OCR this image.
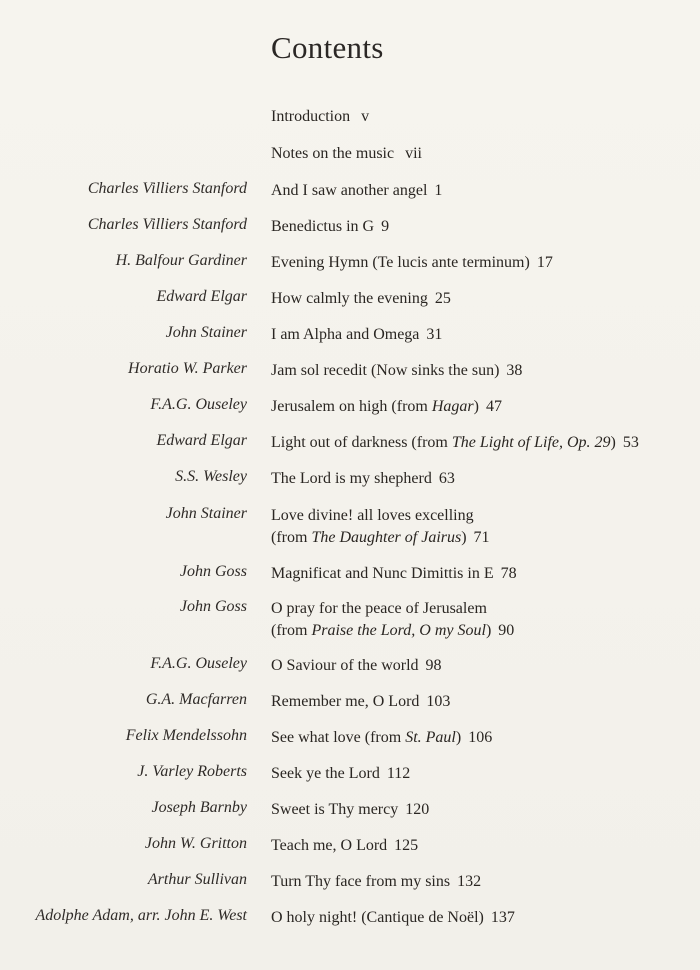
Contents
Introduction v
Notes on the music vii
Charles Villiers Stanford And I saw another angel 1
Charles Villiers Stanford Benedictus in G 9
H. Balfour Gardiner Evening Hymn (Te lucis ante terminum) 17
Edward Elgar How calmly the evening 25
John Stainer I am Alpha and Omega 31
Horatio W. Parker Jam sol recedit (Now sinks the sun) 38
F.A.G. Ouseley Jerusalem on high (from Hagar) 47
Edward Elgar Light out of darkness (from The Light of Life, Op. 29) 53
S.S. Wesley The Lord is my shepherd 63
John Stainer Love divine! all loves excelling
(from The Daughter of Jairus) 71
John Goss Magnificat and Nunc Dimittis in E 78
John Goss O pray for the peace of Jerusalem
(from Praise the Lord, O my Soul) 90
F.A.G. Ouseley O Saviour of the world 98
G.A. Macfarren Remember me, O Lord 103
Felix Mendelssohn See what love (from St. Paul) 106
J. Varley Roberts Seek ye the Lord 112
Joseph Barnby Sweet is Thy mercy 120
John W. Gritton Teach me, O Lord 125
Arthur Sullivan Turn Thy face from my sins 132
Adolphe Adam, arr. John E. West O holy night! (Cantique de Noël) 137
